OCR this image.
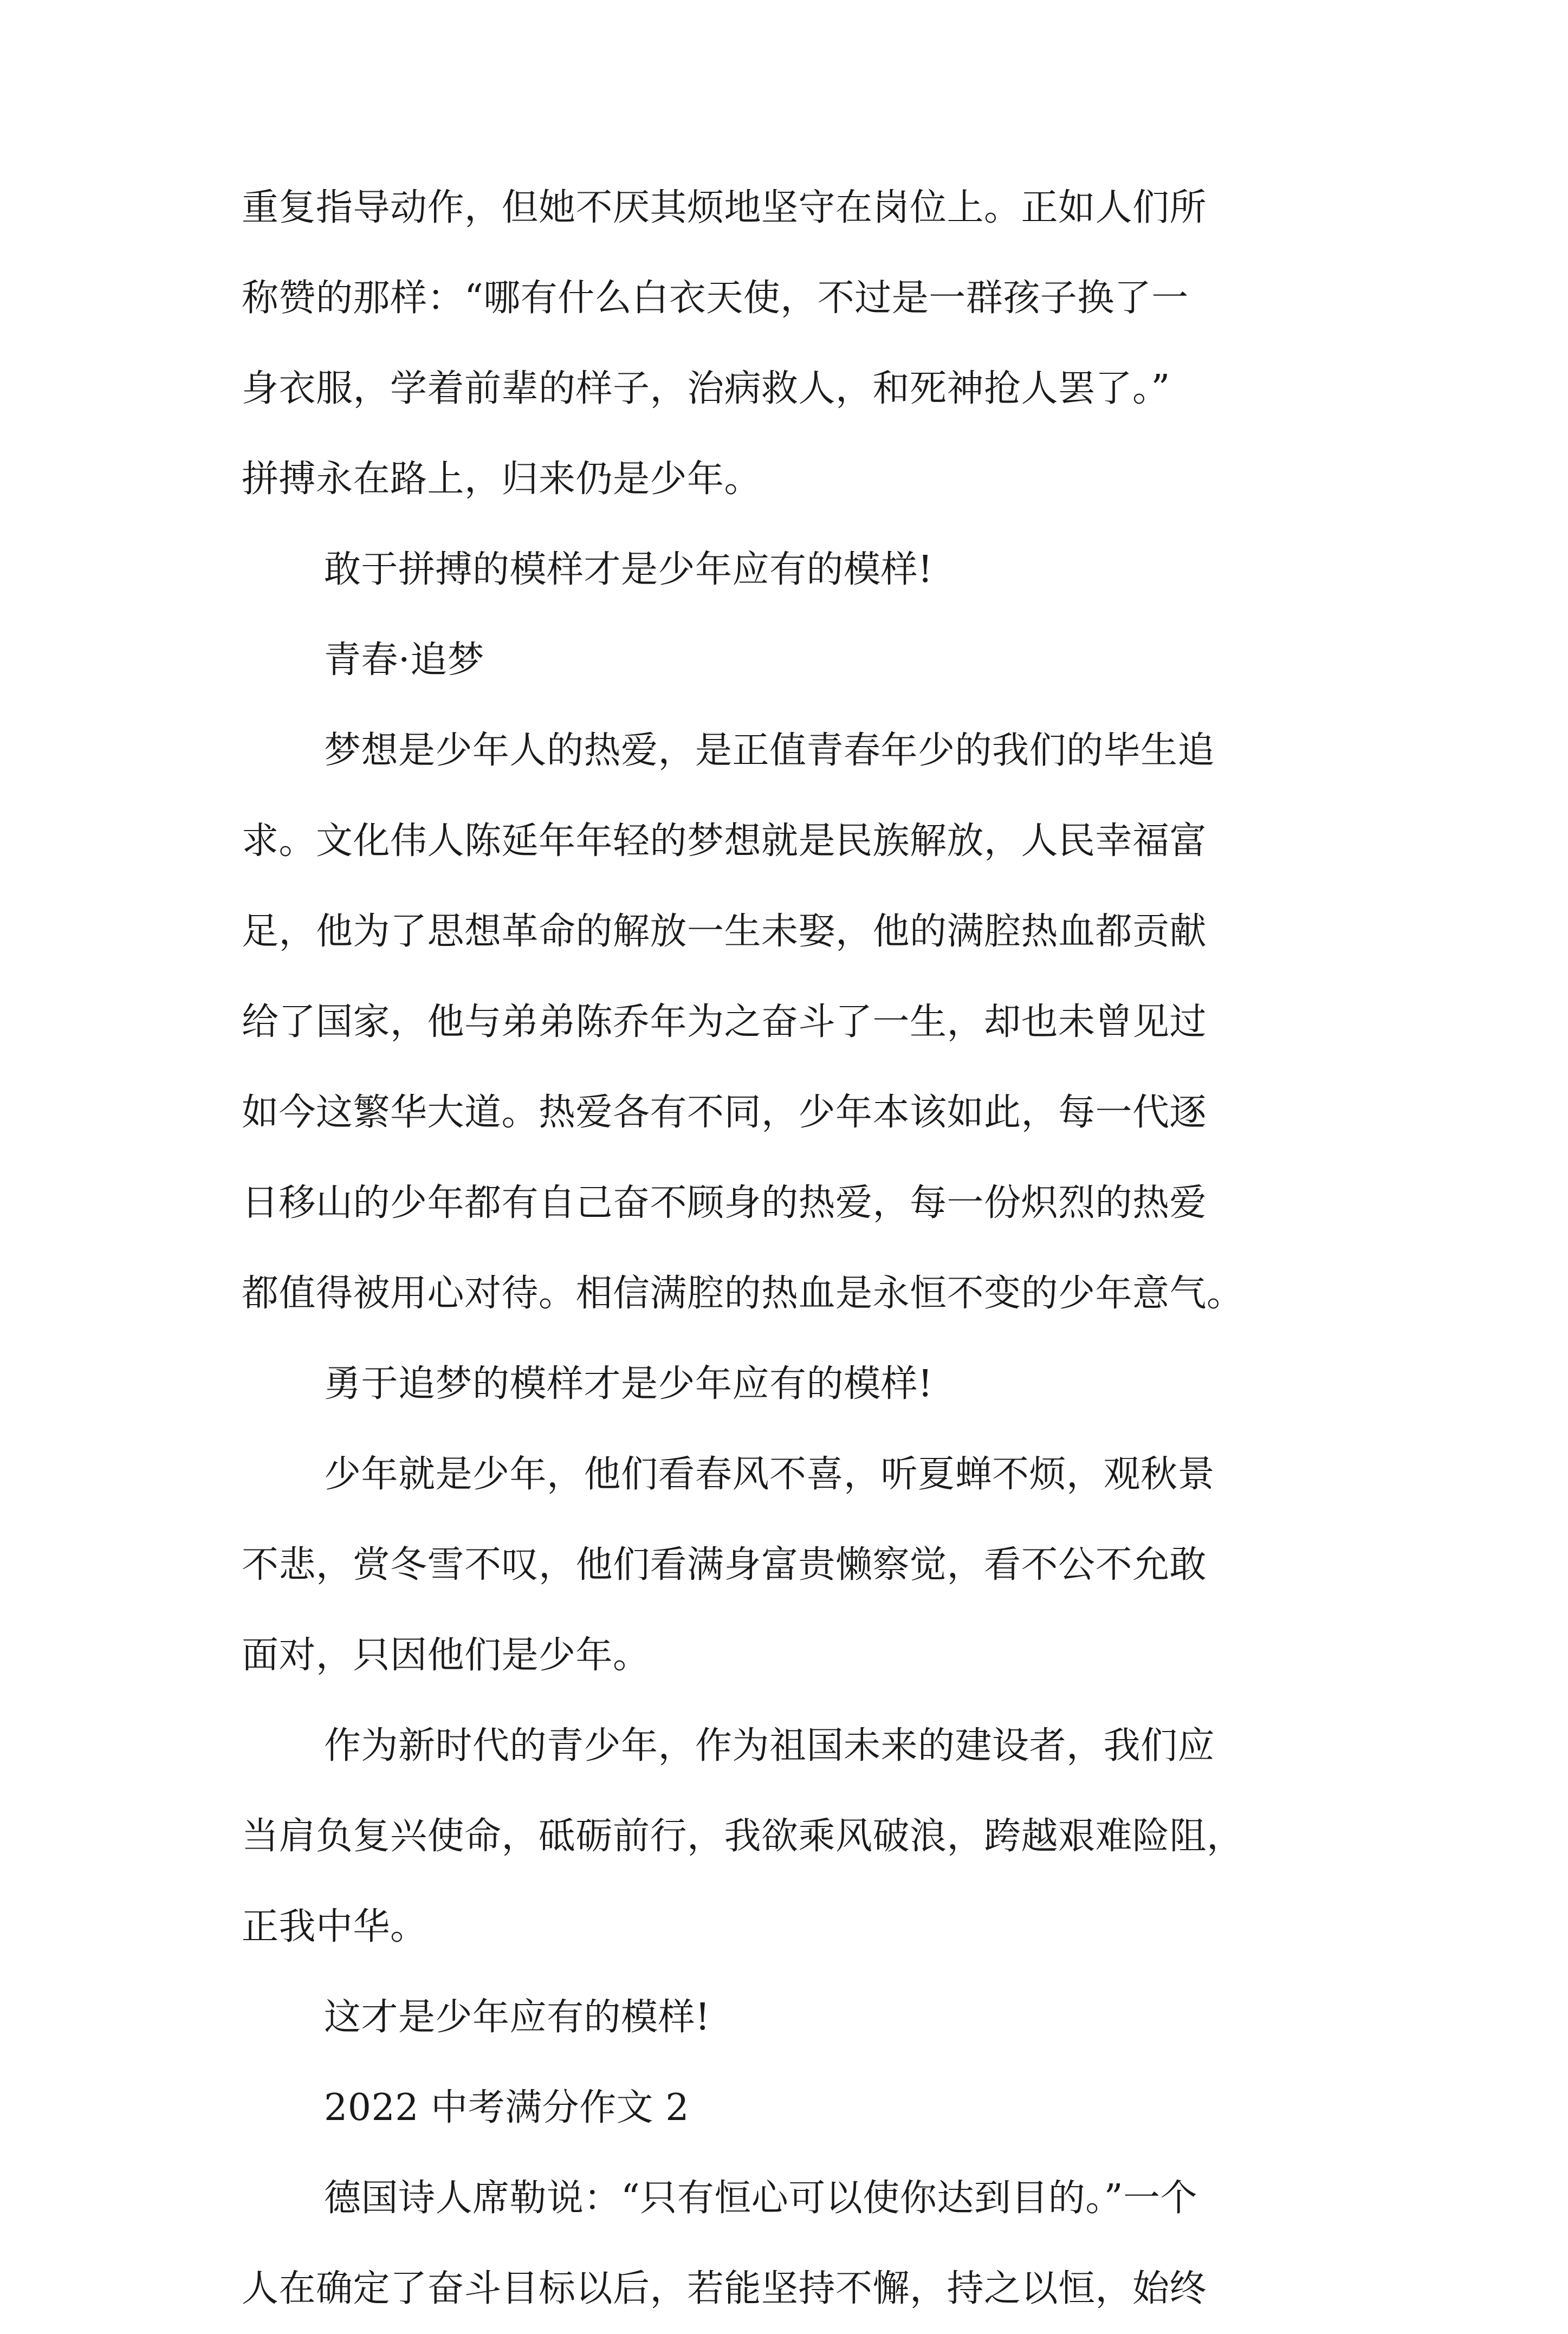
重复指导动作，但她不厌其烦地坚守在岗位上。正如人们所
称赞的那样：“哪有什么白衣天使，不过是一群孩子换了一
身衣服，学着前辈的样子，治病救人，和死神抢人罢了。”
拼搏永在路上，归来仍是少年。
敢于拼搏的模样才是少年应有的模样!
青春·追梦
梦想是少年人的热爱，是正值青春年少的我们的毕生追
求。文化伟人陈延年年轻的梦想就是民族解放，人民幸福富
足，他为了思想革命的解放一生未娶，他的满腔热血都贡献
给了国家，他与弟弟陈乔年为之奋斗了一生，却也未曾见过
如今这繁华大道。热爱各有不同，少年本该如此，每一代逐
日移山的少年都有自己奋不顾身的热爱，每一份炽烈的热爱
都值得被用心对待。相信满腔的热血是永恒不变的少年意气。
勇于追梦的模样才是少年应有的模样!
少年就是少年，他们看春风不喜，听夏蝉不烦，观秋景
不悲，赏冬雪不叹，他们看满身富贵懒察觉，看不公不允敢
面对，只因他们是少年。
作为新时代的青少年，作为祖国未来的建设者，我们应
当肩负复兴使命，砥砺前行，我欲乘风破浪，跨越艰难险阻，
正我中华。
这才是少年应有的模样!
2022 中考满分作文 2
德国诗人席勒说：“只有恒心可以使你达到目的。”一个
人在确定了奋斗目标以后，若能坚持不懈，持之以恒，始终
